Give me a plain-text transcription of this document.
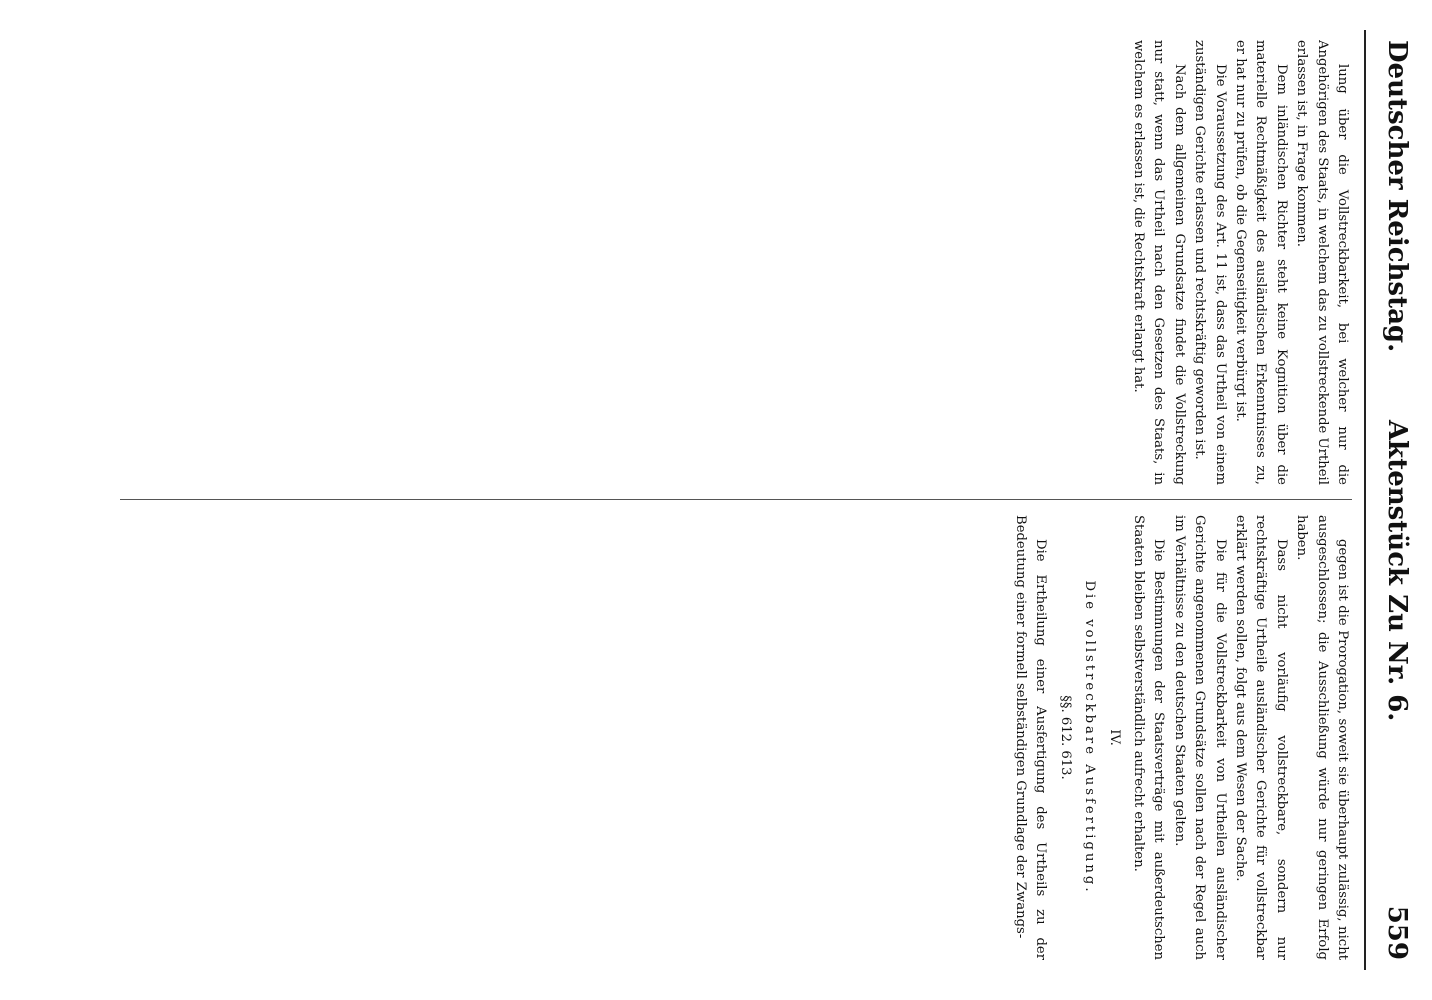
Deutscher Reichstag.
Aktenstück Zu Nr. 6.
559

lung über die Vollstreckbarkeit, bei welcher nur die Angehörigen des Staats, in welchem das zu vollstreckende Urtheil erlassen ist, in Frage kommen.

Dem inländischen Richter steht keine Kognition über die materielle Rechtmäßigkeit des ausländischen Erkenntnisses zu, er hat nur zu prüfen, ob die Gegenseitigkeit verbürgt ist.

Die Voraussetzung des Art. 11 ist, dass das Urtheil von einem zuständigen Gerichte erlassen und rechtskräftig geworden ist.

Nach dem allgemeinen Grundsatze findet die Vollstreckung nur statt, wenn das Urtheil nach den Gesetzen des Staats, in welchem es erlassen ist, die Rechtskraft erlangt hat.

gegen ist die Prorogation, soweit sie überhaupt zulässig, nicht ausgeschlossen; die Ausschließung würde nur geringen Erfolg haben.

Dass nicht vorläufig vollstreckbare, sondern nur rechtskräftige Urtheile ausländischer Gerichte für vollstreckbar erklärt werden sollen, folgt aus dem Wesen der Sache.

Die für die Vollstreckbarkeit von Urtheilen ausländischer Gerichte angenommenen Grundsätze sollen nach der Regel auch im Verhältnisse zu den deutschen Staaten gelten.

Die Bestimmungen der Staatsverträge mit außerdeutschen Staaten bleiben selbstverständlich aufrecht erhalten.

IV.

Die vollstreckbare Ausfertigung.

§§. 612. 613.

Die Ertheilung einer Ausfertigung des Urtheils zu der Bedeutung einer formell selbständigen Grundlage der Zwangs-
